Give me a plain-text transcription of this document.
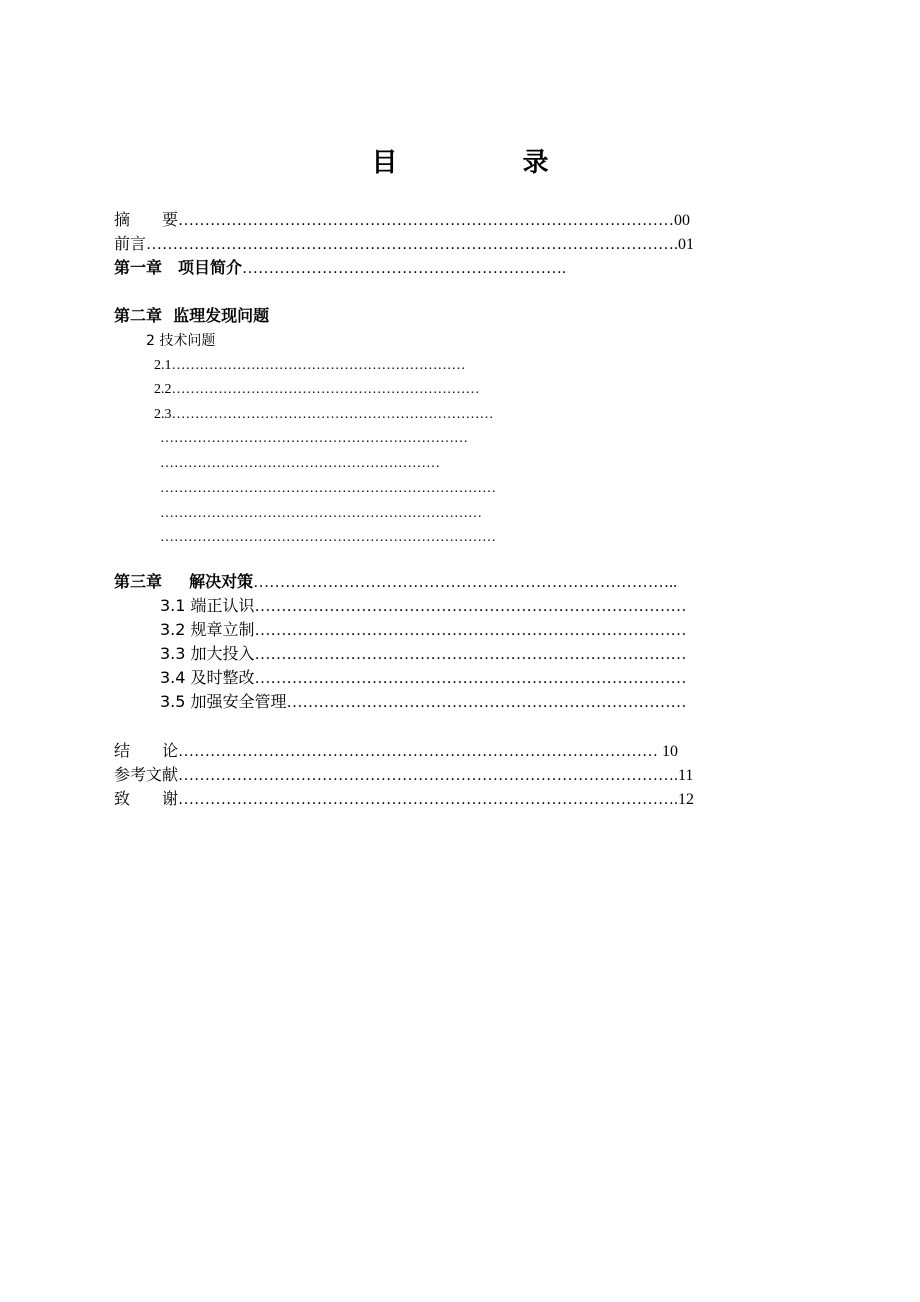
目 录
摘　　要…………………………………………………………………………………00
前言……………………………………………………………………………………….01
第一章　项目简介…………………………………………………….
第二章  监理发现问题
2 技术问题
2.1………………………………………………………
2.2…………………………………………………………
2.3……………………………………………………………
…………………………………………………………
……………………………………………………
………………………………………………………………
……………………………………………………………
………………………………………………………………
第三章　  解决对策……………………………………………………………………..
3.1 端正认识………………………………………………………………………
3.2 规章立制………………………………………………………………………
3.3 加大投入………………………………………………………………………
3.4 及时整改………………………………………………………………………
3.5 加强安全管理…………………………………………………………………
结　　论……………………………………………………………………………… 10
参考文献………………………………………………………………………………….11
致　　谢………………………………………………………………………………….12
